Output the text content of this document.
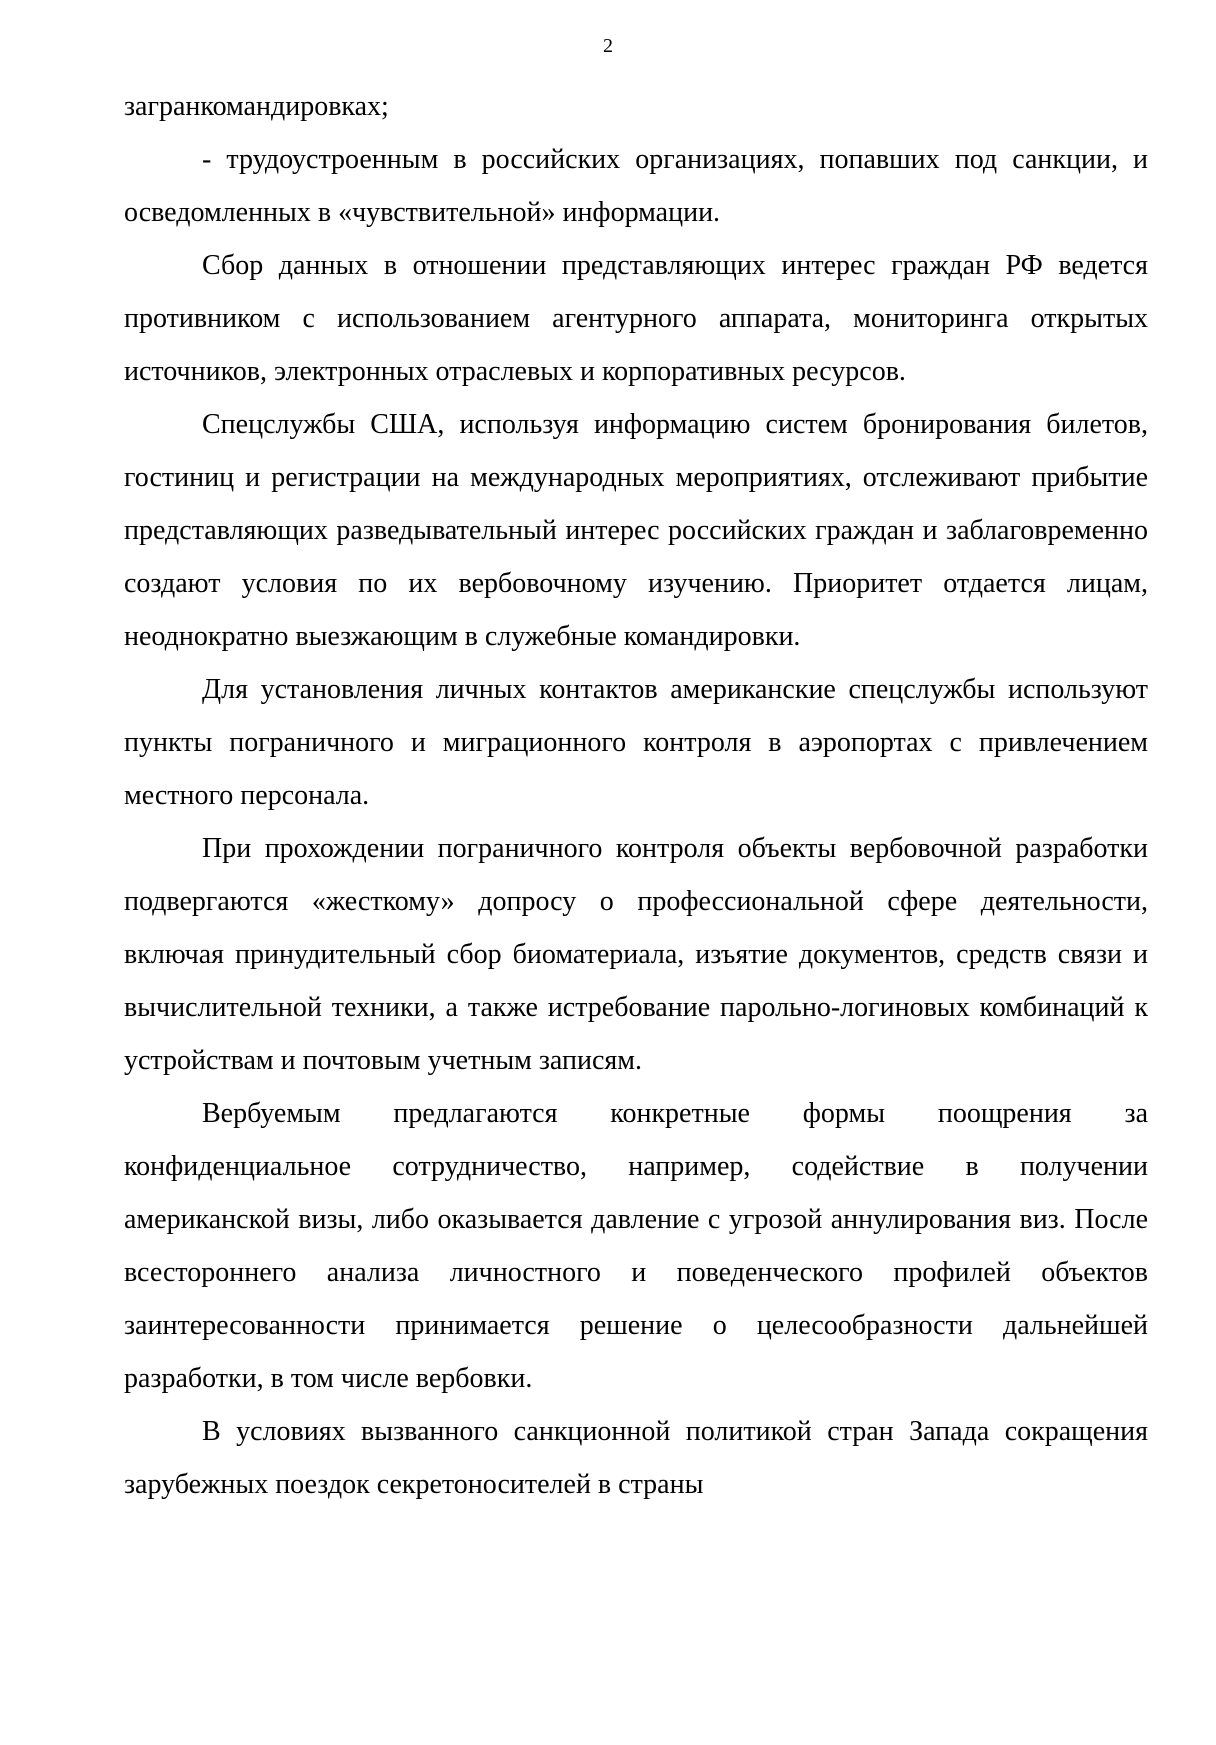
2

загранкомандировках;

- трудоустроенным в российских организациях, попавших под санкции, и осведомленных в «чувствительной» информации.

Сбор данных в отношении представляющих интерес граждан РФ ведется противником с использованием агентурного аппарата, мониторинга открытых источников, электронных отраслевых и корпоративных ресурсов.

Спецслужбы США, используя информацию систем бронирования билетов, гостиниц и регистрации на международных мероприятиях, отслеживают прибытие представляющих разведывательный интерес российских граждан и заблаговременно создают условия по их вербовочному изучению. Приоритет отдается лицам, неоднократно выезжающим в служебные командировки.

Для установления личных контактов американские спецслужбы используют пункты пограничного и миграционного контроля в аэропортах с привлечением местного персонала.

При прохождении пограничного контроля объекты вербовочной разработки подвергаются «жесткому» допросу о профессиональной сфере деятельности, включая принудительный сбор биоматериала, изъятие документов, средств связи и вычислительной техники, а также истребование парольно-логиновых комбинаций к устройствам и почтовым учетным записям.

Вербуемым предлагаются конкретные формы поощрения за конфиденциальное сотрудничество, например, содействие в получении американской визы, либо оказывается давление с угрозой аннулирования виз. После всестороннего анализа личностного и поведенческого профилей объектов заинтересованности принимается решение о целесообразности дальнейшей разработки, в том числе вербовки.

В условиях вызванного санкционной политикой стран Запада сокращения зарубежных поездок секретоносителей в страны
